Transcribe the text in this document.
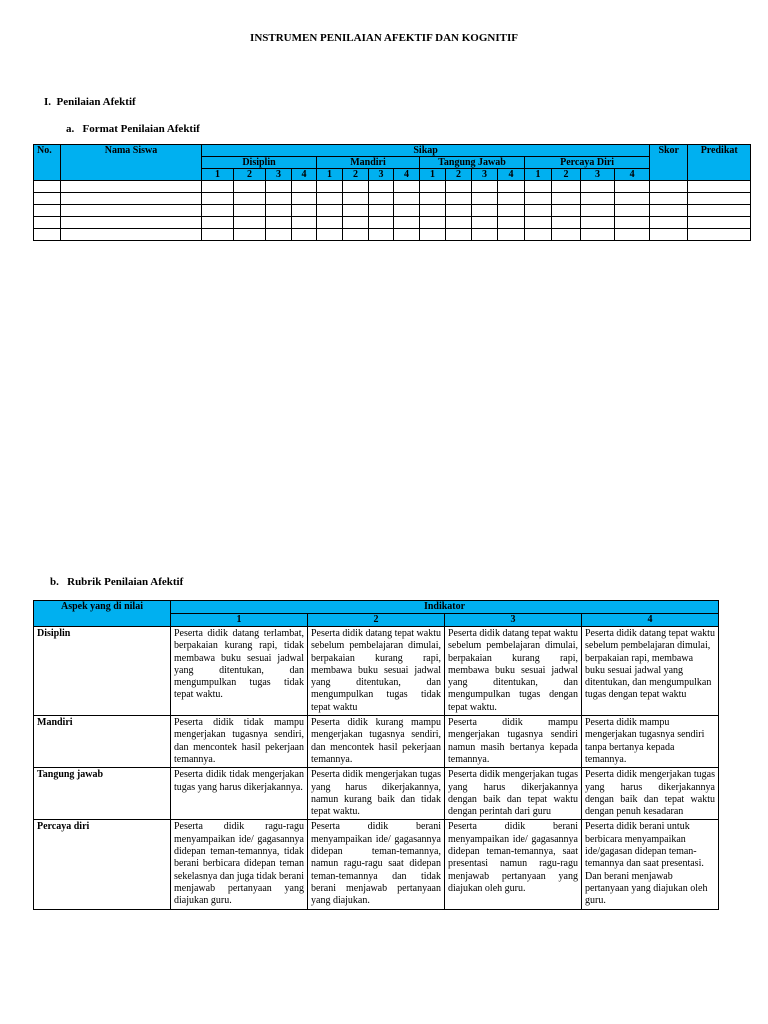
INSTRUMEN PENILAIAN AFEKTIF DAN KOGNITIF
I. Penilaian Afektif
a. Format Penilaian Afektif
No.	Nama Siswa	Sikap																Skor	Predikat
		Disiplin				Mandiri				Tangung Jawab				Percaya Diri					
		1	2	3	4	1	2	3	4	1	2	3	4	1	2	3	4		

b. Rubrik Penilaian Afektif
Aspek yang di nilai	Indikator			
	1	2	3	4
Disiplin	Peserta didik datang terlambat, berpakaian kurang rapi, tidak membawa buku sesuai jadwal yang ditentukan, dan mengumpulkan tugas tidak tepat waktu.	Peserta didik datang tepat waktu sebelum pembelajaran dimulai, berpakaian kurang rapi, membawa buku sesuai jadwal yang ditentukan, dan mengumpulkan tugas tidak tepat waktu	Peserta didik datang tepat waktu sebelum pembelajaran dimulai, berpakaian kurang rapi, membawa buku sesuai jadwal yang ditentukan, dan mengumpulkan tugas dengan tepat waktu.	Peserta didik datang tepat waktu sebelum pembelajaran dimulai, berpakaian rapi, membawa buku sesuai jadwal yang ditentukan, dan mengumpulkan tugas dengan tepat waktu
Mandiri	Peserta didik tidak mampu mengerjakan tugasnya sendiri, dan mencontek hasil pekerjaan temannya.	Peserta didik kurang mampu mengerjakan tugasnya sendiri, dan mencontek hasil pekerjaan temannya.	Peserta didik mampu mengerjakan tugasnya sendiri namun masih bertanya kepada temannya.	Peserta didik mampu mengerjakan tugasnya sendiri tanpa bertanya kepada temannya.
Tangung jawab	Peserta didik tidak mengerjakan tugas yang harus dikerjakannya.	Peserta didik mengerjakan tugas yang harus dikerjakannya, namun kurang baik dan tidak tepat waktu.	Peserta didik mengerjakan tugas yang harus dikerjakannya dengan baik dan tepat waktu dengan perintah dari guru	Peserta didik mengerjakan tugas yang harus dikerjakannya dengan baik dan tepat waktu dengan penuh kesadaran
Percaya diri	Peserta didik ragu-ragu menyampaikan ide/ gagasannya didepan teman-temannya, tidak berani berbicara didepan teman sekelasnya dan juga tidak berani menjawab pertanyaan yang diajukan guru.	Peserta didik berani menyampaikan ide/ gagasannya didepan teman-temannya, namun ragu-ragu saat didepan teman-temannya dan tidak berani menjawab pertanyaan yang diajukan.	Peserta didik berani menyampaikan ide/ gagasannya didepan teman-temannya, saat presentasi namun ragu-ragu menjawab pertanyaan yang diajukan oleh guru.	Peserta didik berani untuk berbicara menyampaikan ide/gagasan didepan teman-temannya dan saat presentasi. Dan berani menjawab pertanyaan yang diajukan oleh guru.
